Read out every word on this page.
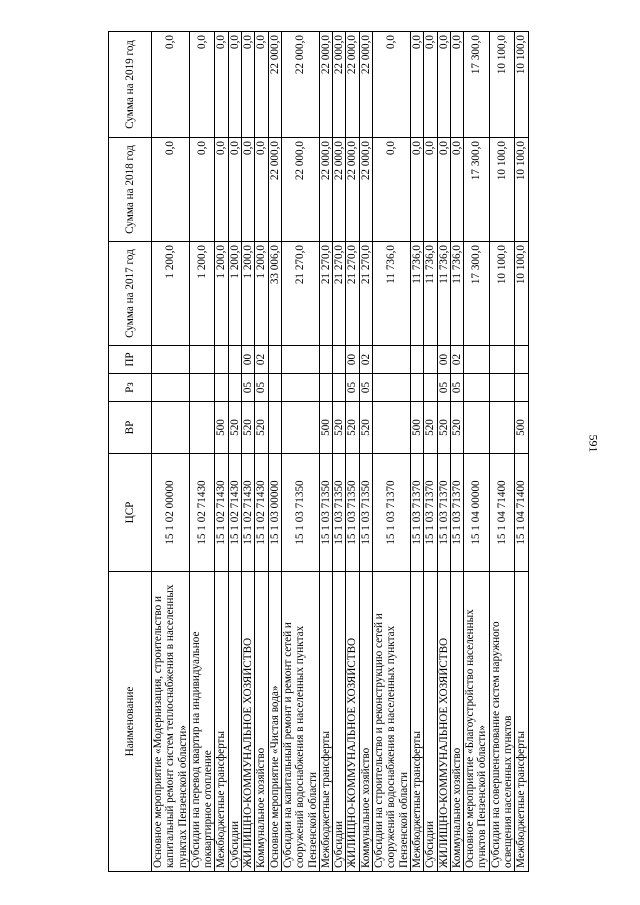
591
Наименование	ЦСР	ВР	Рз	ПР	Сумма на 2017 год	Сумма на 2018 год	Сумма на 2019 год
Основное мероприятие «Модернизация, строительство и капитальный ремонт систем теплоснабжения в населенных пунктах Пензенской области»	15 1 02 00000				1 200,0	0,0	0,0
Субсидии на перевод квартир на индивидуальное поквартирное отопление	15 1 02 71430				1 200,0	0,0	0,0
Межбюджетные трансферты	15 1 02 71430	500			1 200,0	0,0	0,0
Субсидии	15 1 02 71430	520			1 200,0	0,0	0,0
ЖИЛИЩНО-КОММУНАЛЬНОЕ ХОЗЯЙСТВО	15 1 02 71430	520	05	00	1 200,0	0,0	0,0
Коммунальное хозяйство	15 1 02 71430	520	05	02	1 200,0	0,0	0,0
Основное мероприятие «Чистая вода»	15 1 03 00000				33 006,0	22 000,0	22 000,0
Субсидии на капитальный ремонт и ремонт сетей и сооружений водоснабжения в населенных пунктах Пензенской области	15 1 03 71350				21 270,0	22 000,0	22 000,0
Межбюджетные трансферты	15 1 03 71350	500			21 270,0	22 000,0	22 000,0
Субсидии	15 1 03 71350	520			21 270,0	22 000,0	22 000,0
ЖИЛИЩНО-КОММУНАЛЬНОЕ ХОЗЯЙСТВО	15 1 03 71350	520	05	00	21 270,0	22 000,0	22 000,0
Коммунальное хозяйство	15 1 03 71350	520	05	02	21 270,0	22 000,0	22 000,0
Субсидии на строительство и реконструкцию сетей и сооружений водоснабжения в населенных пунктах Пензенской области	15 1 03 71370				11 736,0	0,0	0,0
Межбюджетные трансферты	15 1 03 71370	500			11 736,0	0,0	0,0
Субсидии	15 1 03 71370	520			11 736,0	0,0	0,0
ЖИЛИЩНО-КОММУНАЛЬНОЕ ХОЗЯЙСТВО	15 1 03 71370	520	05	00	11 736,0	0,0	0,0
Коммунальное хозяйство	15 1 03 71370	520	05	02	11 736,0	0,0	0,0
Основное мероприятие «Благоустройство населенных пунктов Пензенской области»	15 1 04 00000				17 300,0	17 300,0	17 300,0
Субсидии на совершенствование систем наружного освещения населенных пунктов	15 1 04 71400				10 100,0	10 100,0	10 100,0
Межбюджетные трансферты	15 1 04 71400	500			10 100,0	10 100,0	10 100,0
